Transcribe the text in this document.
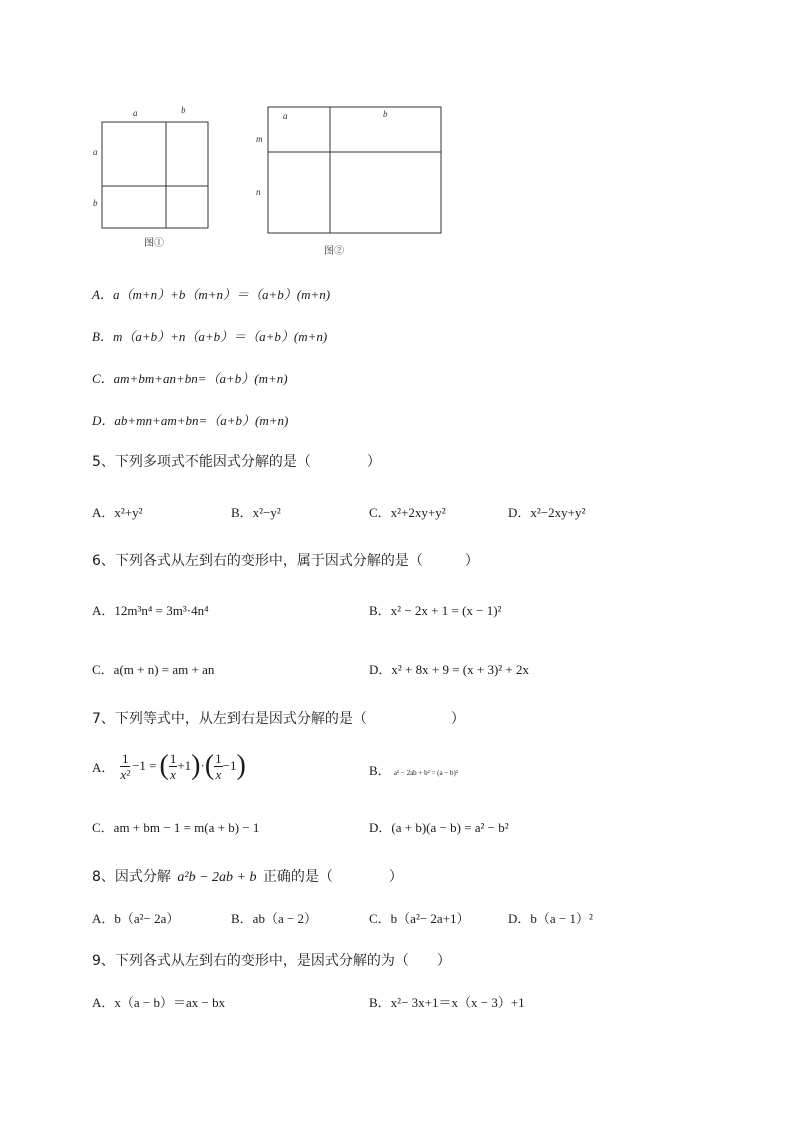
a	b
a
b
图①
a	b
m
n
图②
A．a（m+n）+b（m+n）＝（a+b）(m+n)
B．m（a+b）+n（a+b）＝（a+b）(m+n)
C．am+bm+an+bn=（a+b）(m+n)
D．ab+mn+am+bn=（a+b）(m+n)
5、下列多项式不能因式分解的是（　　　　）
A．x²+y²	B．x²−y²	C．x²+2xy+y²	D．x²−2xy+y²
6、下列各式从左到右的变形中，属于因式分解的是（　　　）
A．12m³n⁴ = 3m³·4n⁴	B．x² − 2x + 1 = (x − 1)²
C．a(m + n) = am + an	D．x² + 8x + 9 = (x + 3)² + 2x
7、下列等式中，从左到右是因式分解的是（　　　　　　）
A． $\frac{1}{\text{x²}} -1$ = ( $\frac{1}{x} +1$ ) · ( $\frac{1}{x} -1$ )	B． a² − 2ab + b² = (a − b)²
C．am + bm − 1 = m(a + b) − 1	D．(a + b)(a − b) = a² − b²
8、因式分解 a²b − 2ab + b 正确的是（　　　　）
A．b（a²− 2a）	B．ab（a − 2）	C．b（a²− 2a+1）	D．b（a − 1）²
9、下列各式从左到右的变形中，是因式分解的为（　　）
A．x（a − b）＝ax − bx	B．x²− 3x+1＝x（x − 3）+1
